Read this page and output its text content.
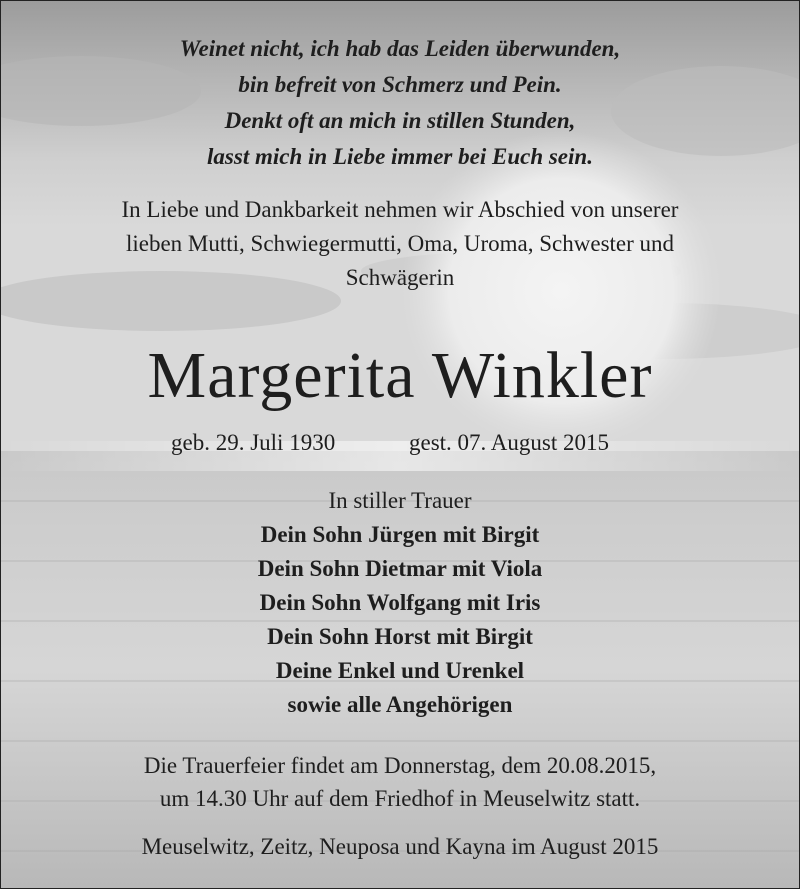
Weinet nicht, ich hab das Leiden überwunden,
bin befreit von Schmerz und Pein.
Denkt oft an mich in stillen Stunden,
lasst mich in Liebe immer bei Euch sein.
In Liebe und Dankbarkeit nehmen wir Abschied von unserer
lieben Mutti, Schwiegermutti, Oma, Uroma, Schwester und
Schwägerin
Margerita Winkler
geb. 29. Juli 1930	gest. 07. August 2015
In stiller Trauer
Dein Sohn Jürgen mit Birgit
Dein Sohn Dietmar mit Viola
Dein Sohn Wolfgang mit Iris
Dein Sohn Horst mit Birgit
Deine Enkel und Urenkel
sowie alle Angehörigen
Die Trauerfeier findet am Donnerstag, dem 20.08.2015,
um 14.30 Uhr auf dem Friedhof in Meuselwitz statt.
Meuselwitz, Zeitz, Neuposa und Kayna im August 2015
